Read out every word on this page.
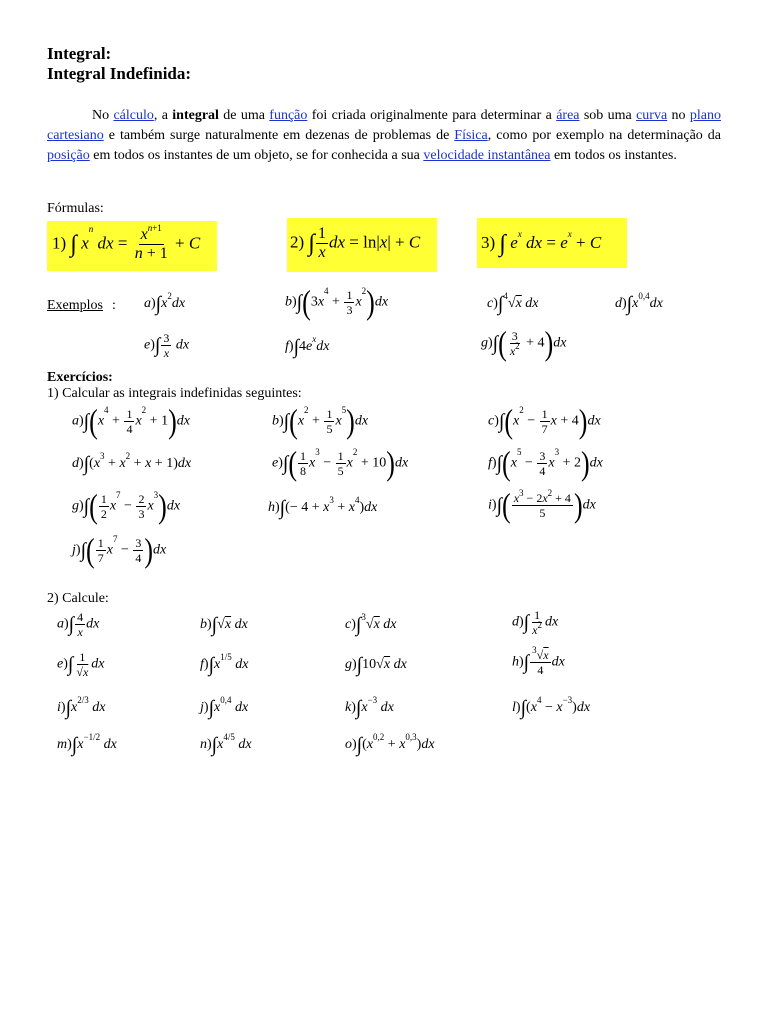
Integral:
Integral Indefinida:
No cálculo, a integral de uma função foi criada originalmente para determinar a área sob uma curva no plano cartesiano e também surge naturalmente em dezenas de problemas de Física, como por exemplo na determinação da posição em todos os instantes de um objeto, se for conhecida a sua velocidade instantânea em todos os instantes.
Fórmulas:
1) ∫ $x^n$ dx = $\frac{x^{n+1}}{n + 1} + C$	2) ∫ $\frac{1}{x}$ dx = ln|x| + C	3) ∫ $e^x$ dx = $e^x + C$
Exemplos : $a)\int x^2dx$	$b)\int(3x^4 + \frac{1}{3} x^2)dx$	c)∫$^4$√x dx	$d)\int x^{0,4}dx$
$e)\int \frac{3}{x}$ dx	$f)\int 4e^xdx$	$g)\int( \frac{3}{x^2} + 4)dx$
Exercícios:
1) Calcular as integrais indefinidas seguintes:
$a)\int(x^4 + \frac{1}{4} x^2 + 1)dx$	$b)\int(x^2 + \frac{1}{5} x^5)dx$	$c)\int(x^2 - \frac{1}{7}$ x + 4)dx
$d)\int(x^3 + x^2 + x + 1)dx$	$e)\int( \frac{1}{8} x^3 - \frac{1}{5} x^2 + 10)dx$	$f)\int(x^5 - \frac{3}{4} x^3 + 2)dx$
$g)\int( \frac{1}{2} x^7 - \frac{2}{3} x^3)dx$	$h)\int(- 4 + x^3 + x^4)dx$	$i)\int( \frac{x^3 - 2x^2 + 4}{5} )dx$
$j)\int( \frac{1}{7} x^7 - \frac{3}{4} )dx$
2) Calcule:
$a)\int \frac{4}{x}$ dx	b)∫√x dx	c)∫$^3$√x dx	$d)\int \frac{1}{x^2}$ dx
$e)\int \frac{1}{√x}$ dx	$f)\int x^{1/5}$ dx	g)∫10√x dx	$h)\int \frac{^3√x}{4}$ dx
$i)\int x^{2/3}$ dx	$j)\int x^{0,4}$ dx	$k)\int x^{-3}$ dx	$l)\int(x^4 - x^{-3})dx$
$m)\int x^{-1/2}$ dx	$n)\int x^{4/5}$ dx	$o)\int(x^{0,2} + x^{0,3})dx$
